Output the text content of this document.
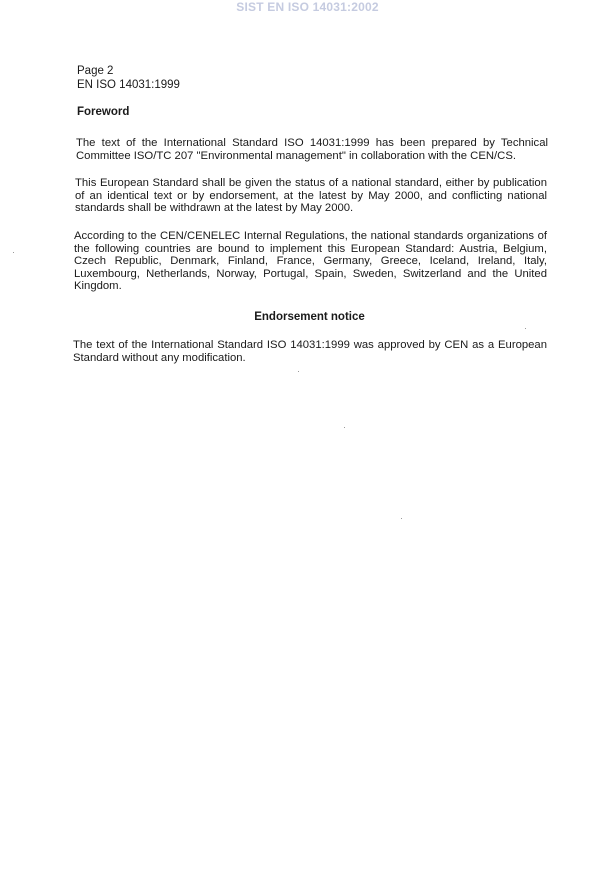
SIST EN ISO 14031:2002
Page 2
EN ISO 14031:1999
Foreword
The text of the International Standard ISO 14031:1999 has been prepared by Technical Committee ISO/TC 207 "Environmental management" in collaboration with the CEN/CS.
This European Standard shall be given the status of a national standard, either by publication of an identical text or by endorsement, at the latest by May 2000, and conflicting national standards shall be withdrawn at the latest by May 2000.
According to the CEN/CENELEC Internal Regulations, the national standards organizations of the following countries are bound to implement this European Standard: Austria, Belgium, Czech Republic, Denmark, Finland, France, Germany, Greece, Iceland, Ireland, Italy, Luxembourg, Netherlands, Norway, Portugal, Spain, Sweden, Switzerland and the United Kingdom.
Endorsement notice
The text of the International Standard ISO 14031:1999 was approved by CEN as a European Standard without any modification.
